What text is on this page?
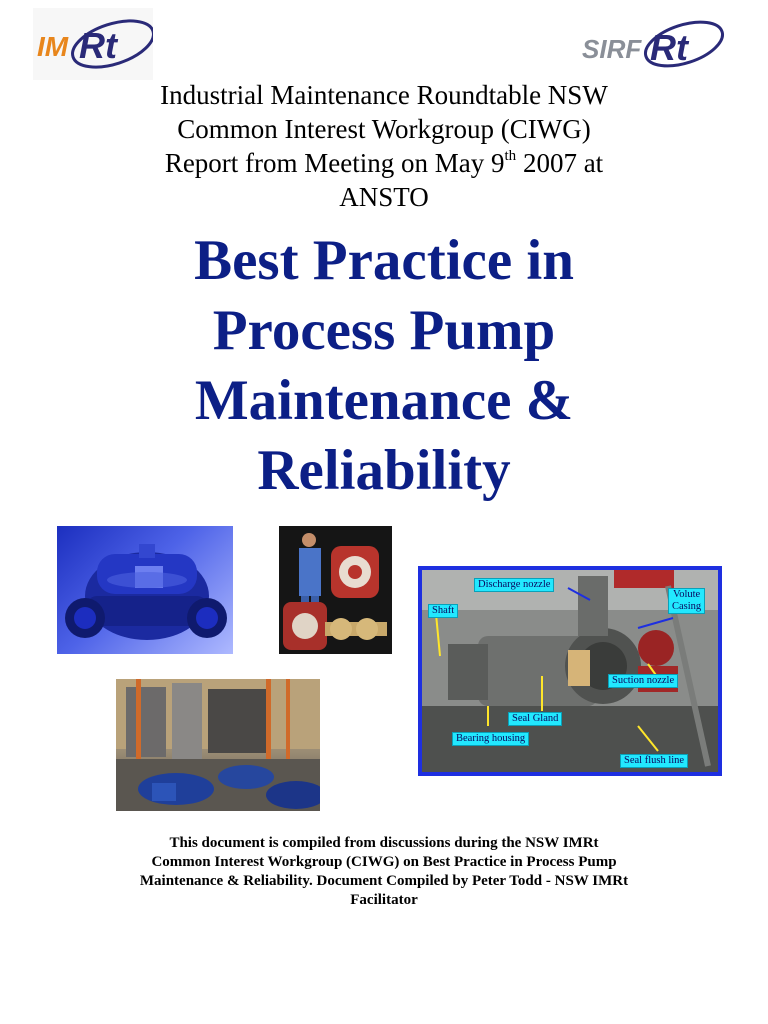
IM Rt	SIRF Rt
Industrial Maintenance Roundtable NSW
Common Interest Workgroup (CIWG)
Report from Meeting on May 9th 2007 at
ANSTO
Best Practice in
Process Pump
Maintenance &
Reliability
Discharge nozzle
Volute
Casing
Shaft
Suction nozzle
Seal Gland
Bearing housing
Seal flush line
This document is compiled from discussions during the NSW IMRt
Common Interest Workgroup (CIWG) on Best Practice in Process Pump
Maintenance & Reliability. Document Compiled by Peter Todd - NSW IMRt
Facilitator
